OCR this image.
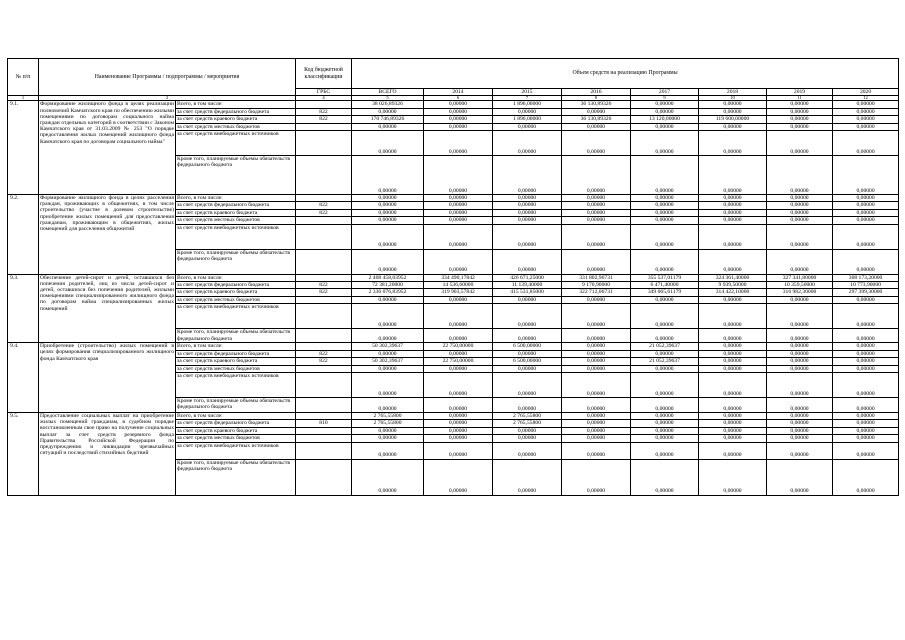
№ п/п	Наименование Программы / подпрограммы / мероприятия		Код бюджетной классификации	Объем средств на реализацию Программы							
			ГРБС	ВСЕГО	2014	2015	2016	2017	2018	2019	2020
1	2		4	5	6	7	8	9	10	11	12
9.1.	Формирование жилищного фонда в целях реализации полномочий Камчатского края по обеспечению жилыми помещениями по договорам социального найма граждан отдельных категорий в соответствии с Законом Камчатского края от 31.03.2009 № 253 "О порядке предоставления жилых помещений жилищного фонда Камчатского края по договорам социального найма"	Всего, в том числе:		38 026,89326	0,00000	1 896,00000	36 130,89326	0,00000	0,00000	0,00000	0,00000
		за счет средств федерального бюджета	822	0,00000	0,00000	0,00000	0,00000	0,00000	0,00000	0,00000	0,00000
		за счет средств краевого бюджета	822	170 746,89326	0,00000	1 896,00000	36 130,89326	13 120,00000	119 600,00000	0,00000	0,00000
		за счет средств местных бюджетов		0,00000	0,00000	0,00000	0,00000	0,00000	0,00000	0,00000	0,00000
		за счет средств внебюджетных источников		0,00000	0,00000	0,00000	0,00000	0,00000	0,00000	0,00000	0,00000
		Кроме того, планируемые объемы обязательств федерального бюджета		0,00000	0,00000	0,00000	0,00000	0,00000	0,00000	0,00000	0,00000
9.2.	Формирование жилищного фонда в целях расселения граждан, проживающих в общежитиях, в том числе строительство (участие в долевом строительстве) приобретение жилых помещений для предоставления гражданам, проживающим в общежитиях, жилых помещений для расселения общежитий	Всего, в том числе:		0,00000	0,00000	0,00000	0,00000	0,00000	0,00000	0,00000	0,00000
		за счет средств федерального бюджета	822	0,00000	0,00000	0,00000	0,00000	0,00000	0,00000	0,00000	0,00000
		за счет средств краевого бюджета	822	0,00000	0,00000	0,00000	0,00000	0,00000	0,00000	0,00000	0,00000
		за счет средств местных бюджетов		0,00000	0,00000	0,00000	0,00000	0,00000	0,00000	0,00000	0,00000
		за счет средств внебюджетных источников		0,00000	0,00000	0,00000	0,00000	0,00000	0,00000	0,00000	0,00000
		Кроме того, планируемые объемы обязательств федерального бюджета		0,00000	0,00000	0,00000	0,00000	0,00000	0,00000	0,00000	0,00000
9.3.	Обеспечение детей-сирот и детей, оставшихся без попечения родителей, лиц из числа детей-сирот и детей, оставшихся без попечения родителей, жилыми помещениями специализированного жилищного фонда по договорам найма специализированных жилых помещений	Всего, в том числе:		2 408 458,03952	334 490,17842	426 671,25000	331 802,96731	355 537,01179	324 361,40000	327 341,80000	308 173,20000
		за счет средств федерального бюджета	822	72 381,20000	14 536,60000	11 139,40000	9 170,90000	6 471,40000	9 939,50000	10 359,50000	10 773,90000
		за счет средств краевого бюджета	822	2 336 076,83952	319 903,57842	415 531,85000	322 712,06731	349 065,61179	314 422,10000	316 982,30000	297 399,30000
		за счет средств местных бюджетов		0,00000	0,00000	0,00000	0,00000	0,00000	0,00000	0,00000	0,00000
		за счет средств внебюджетных источников		0,00000	0,00000	0,00000	0,00000	0,00000	0,00000	0,00000	0,00000
		Кроме того, планируемые объемы обязательств федерального бюджета		0,00000	0,00000	0,00000	0,00000	0,00000	0,00000	0,00000	0,00000
9.4.	Приобретение (строительство) жилых помещений в целях формирования специализированного жилищного фонда Камчатского края	Всего, в том числе:		50 302,39637	22 750,00000	6 500,00000	0,00000	21 052,39637	0,00000	0,00000	0,00000
		за счет средств федерального бюджета	822	0,00000	0,00000	0,00000	0,00000	0,00000	0,00000	0,00000	0,00000
		за счет средств краевого бюджета	822	50 302,39637	22 750,00000	6 500,00000	0,00000	21 052,39637	0,00000	0,00000	0,00000
		за счет средств местных бюджетов		0,00000	0,00000	0,00000	0,00000	0,00000	0,00000	0,00000	0,00000
		за счет средств внебюджетных источников		0,00000	0,00000	0,00000	0,00000	0,00000	0,00000	0,00000	0,00000
		Кроме того, планируемые объемы обязательств федерального бюджета		0,00000	0,00000	0,00000	0,00000	0,00000	0,00000	0,00000	0,00000
9.5.	Предоставление социальных выплат на приобретение жилых помещений гражданам, в судебном порядке восстановленным свое право на получение социальных выплат за счет средств резервного фонда Правительства Российской Федерации по предупреждению и ликвидации чрезвычайных ситуаций и последствий стихийных бедствий	Всего, в том числе:		2 765,55800	0,00000	2 765,55800	0,00000	0,00000	0,00000	0,00000	0,00000
		за счет средств федерального бюджета	810	2 765,55800	0,00000	2 765,55800	0,00000	0,00000	0,00000	0,00000	0,00000
		за счет средств краевого бюджета		0,00000	0,00000	0,00000	0,00000	0,00000	0,00000	0,00000	0,00000
		за счет средств местных бюджетов		0,00000	0,00000	0,00000	0,00000	0,00000	0,00000	0,00000	0,00000
		за счет средств внебюджетных источников		0,00000	0,00000	0,00000	0,00000	0,00000	0,00000	0,00000	0,00000
		Кроме того, планируемые объемы обязательств федерального бюджета		0,00000	0,00000	0,00000	0,00000	0,00000	0,00000	0,00000	0,00000
